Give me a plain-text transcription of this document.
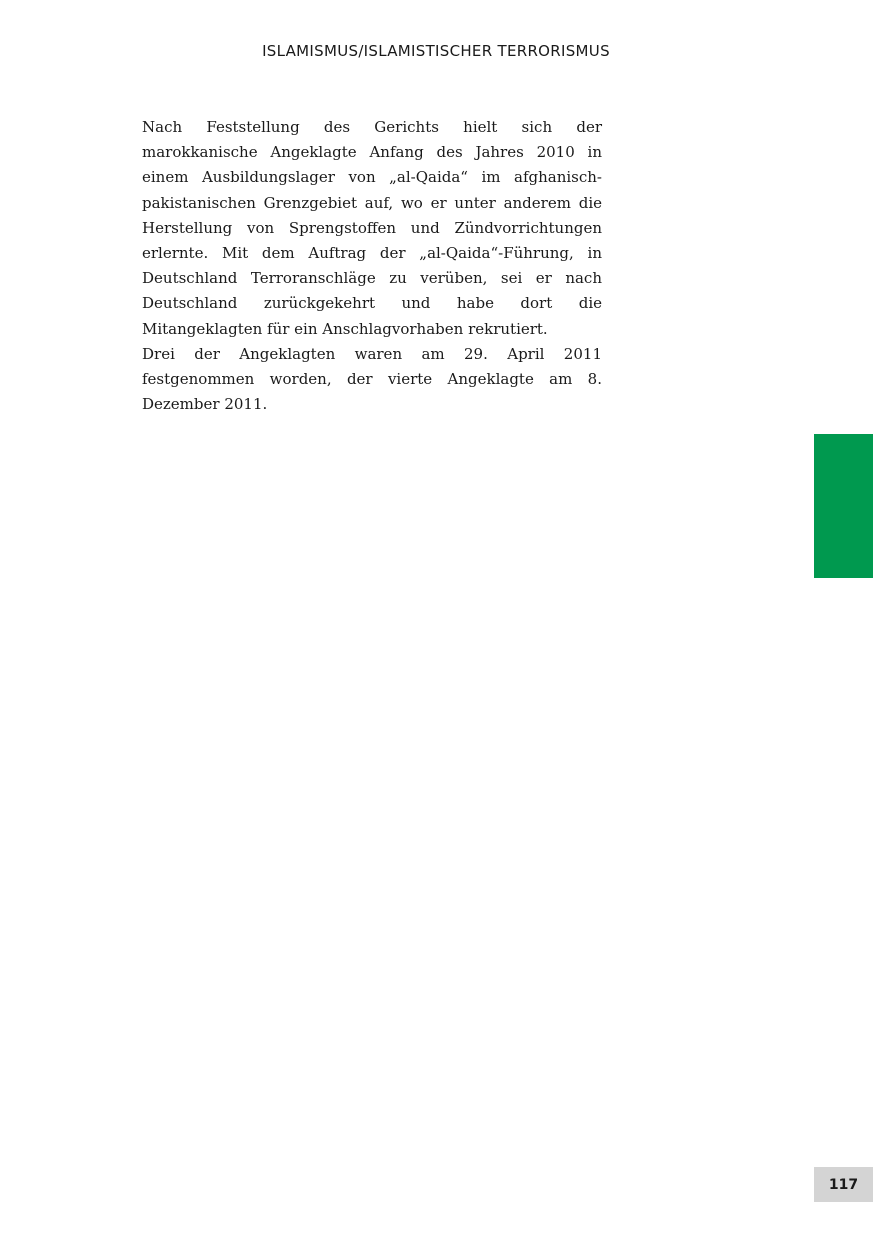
ISLAMISMUS/ISLAMISTISCHER TERRORISMUS

Nach Feststellung des Gerichts hielt sich der marokkanische Angeklagte Anfang des Jahres 2010 in einem Ausbildungslager von „al-Qaida“ im afghanisch-pakistanischen Grenzgebiet auf, wo er unter anderem die Herstellung von Sprengstoffen und Zündvorrichtungen erlernte. Mit dem Auftrag der „al-Qaida“-Führung, in Deutschland Terroranschläge zu verüben, sei er nach Deutschland zurückgekehrt und habe dort die Mitangeklagten für ein Anschlagvorhaben rekrutiert.

Drei der Angeklagten waren am 29. April 2011 festgenommen worden, der vierte Angeklagte am 8. Dezember 2011.

117
